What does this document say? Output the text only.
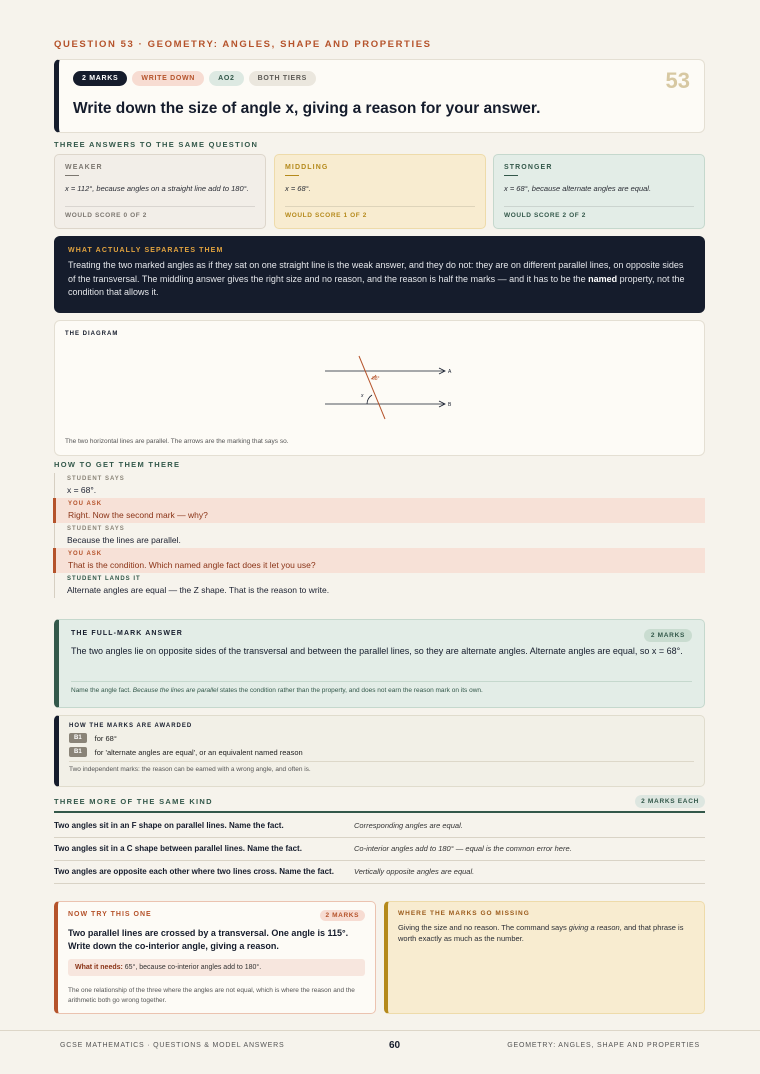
QUESTION 53 · GEOMETRY: ANGLES, SHAPE AND PROPERTIES
2 MARKS	WRITE DOWN	AO2	BOTH TIERS	53
Write down the size of angle x, giving a reason for your answer.
THREE ANSWERS TO THE SAME QUESTION
WEAKER
x = 112°, because angles on a straight line add to 180°.
WOULD SCORE 0 OF 2
MIDDLING
x = 68°.
WOULD SCORE 1 OF 2
STRONGER
x = 68°, because alternate angles are equal.
WOULD SCORE 2 OF 2
WHAT ACTUALLY SEPARATES THEM
Treating the two marked angles as if they sat on one straight line is the weak answer, and they do not: they are on different parallel lines, on opposite sides of the transversal. The middling answer gives the right size and no reason, and the reason is half the marks — and it has to be the named property, not the condition that allows it.
THE DIAGRAM
68°
x
A
B
The two horizontal lines are parallel. The arrows are the marking that says so.
HOW TO GET THEM THERE
STUDENT SAYS
x = 68°.
YOU ASK
Right. Now the second mark — why?
STUDENT SAYS
Because the lines are parallel.
YOU ASK
That is the condition. Which named angle fact does it let you use?
STUDENT LANDS IT
Alternate angles are equal — the Z shape. That is the reason to write.
THE FULL-MARK ANSWER	2 MARKS
The two angles lie on opposite sides of the transversal and between the parallel lines, so they are alternate angles. Alternate angles are equal, so x = 68°.
Name the angle fact. Because the lines are parallel states the condition rather than the property, and does not earn the reason mark on its own.
HOW THE MARKS ARE AWARDED
B1	for 68°
B1	for 'alternate angles are equal', or an equivalent named reason
Two independent marks: the reason can be earned with a wrong angle, and often is.
THREE MORE OF THE SAME KIND	2 MARKS EACH
Two angles sit in an F shape on parallel lines. Name the fact.	Corresponding angles are equal.
Two angles sit in a C shape between parallel lines. Name the fact.	Co-interior angles add to 180° — equal is the common error here.
Two angles are opposite each other where two lines cross. Name the fact.	Vertically opposite angles are equal.
NOW TRY THIS ONE	2 MARKS
Two parallel lines are crossed by a transversal. One angle is 115°. Write down the co-interior angle, giving a reason.
What it needs: 65°, because co-interior angles add to 180°.
The one relationship of the three where the angles are not equal, which is where the reason and the arithmetic both go wrong together.
WHERE THE MARKS GO MISSING
Giving the size and no reason. The command says giving a reason, and that phrase is worth exactly as much as the number.
GCSE MATHEMATICS · QUESTIONS & MODEL ANSWERS	60	GEOMETRY: ANGLES, SHAPE AND PROPERTIES
